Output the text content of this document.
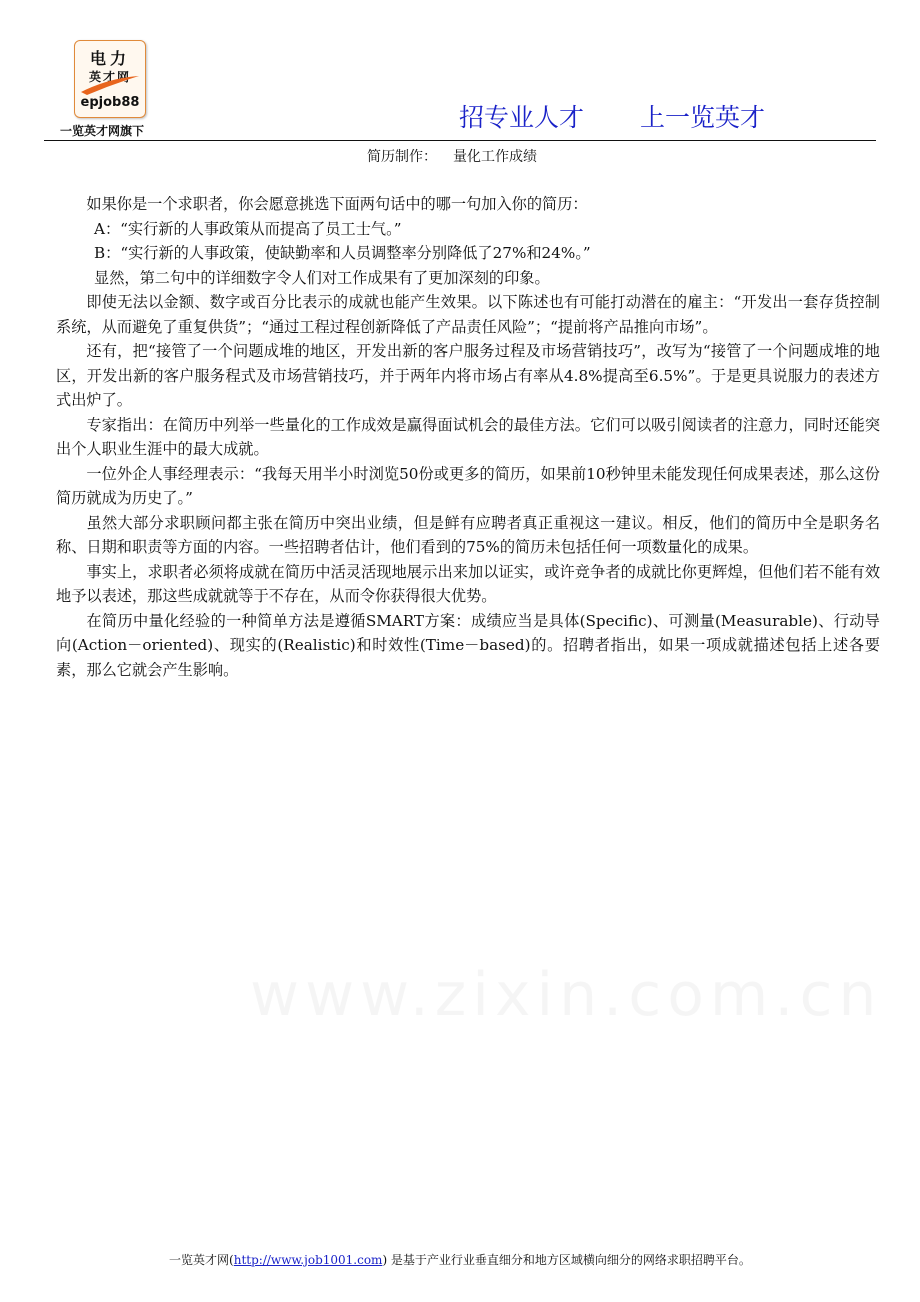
电力
英才网
epjob88
一览英才网旗下	招专业人才 上一览英才
简历制作： 量化工作成绩

如果你是一个求职者，你会愿意挑选下面两句话中的哪一句加入你的简历：

A：“实行新的人事政策从而提高了员工士气。”

B：“实行新的人事政策，使缺勤率和人员调整率分别降低了27%和24%。”

显然，第二句中的详细数字令人们对工作成果有了更加深刻的印象。

即使无法以金额、数字或百分比表示的成就也能产生效果。以下陈述也有可能打动潜在的雇主：“开发出一套存货控制系统，从而避免了重复供货”；“通过工程过程创新降低了产品责任风险”；“提前将产品推向市场”。

还有，把“接管了一个问题成堆的地区，开发出新的客户服务过程及市场营销技巧”，改写为“接管了一个问题成堆的地区，开发出新的客户服务程式及市场营销技巧，并于两年内将市场占有率从4.8%提高至6.5%”。于是更具说服力的表述方式出炉了。

专家指出：在简历中列举一些量化的工作成效是赢得面试机会的最佳方法。它们可以吸引阅读者的注意力，同时还能突出个人职业生涯中的最大成就。

一位外企人事经理表示：“我每天用半小时浏览50份或更多的简历，如果前10秒钟里未能发现任何成果表述，那么这份简历就成为历史了。”

虽然大部分求职顾问都主张在简历中突出业绩，但是鲜有应聘者真正重视这一建议。相反，他们的简历中全是职务名称、日期和职责等方面的内容。一些招聘者估计，他们看到的75%的简历未包括任何一项数量化的成果。

事实上，求职者必须将成就在简历中活灵活现地展示出来加以证实，或许竞争者的成就比你更辉煌，但他们若不能有效地予以表述，那这些成就就等于不存在，从而令你获得很大优势。

在简历中量化经验的一种简单方法是遵循SMART方案：成绩应当是具体(Specific)、可测量(Measurable)、行动导向(Action－oriented)、现实的(Realistic)和时效性(Time－based)的。招聘者指出，如果一项成就描述包括上述各要素，那么它就会产生影响。

一览英才网(http://www.job1001.com) 是基于产业行业垂直细分和地方区域横向细分的网络求职招聘平台。
